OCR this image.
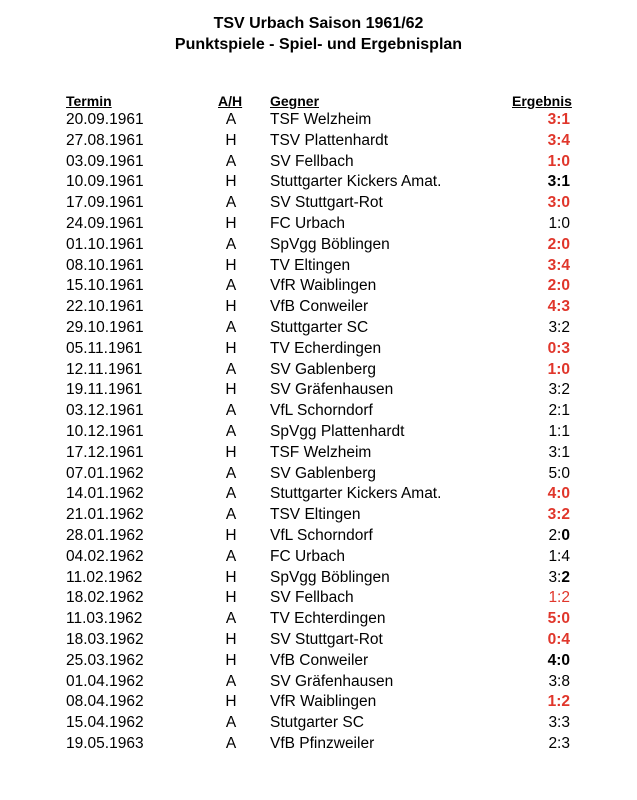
TSV Urbach Saison 1961/62
Punktspiele - Spiel- und Ergebnisplan
Termin	A/H Gegner	Ergebnis
20.09.1961	A	TSF Welzheim	3:1
27.08.1961	H	TSV Plattenhardt	3:4
03.09.1961	A	SV Fellbach	1:0
10.09.1961	H	Stuttgarter Kickers Amat.	3:1
17.09.1961	A	SV Stuttgart-Rot	3:0
24.09.1961	H	FC Urbach	1:0
01.10.1961	A	SpVgg Böblingen	2:0
08.10.1961	H	TV Eltingen	3:4
15.10.1961	A	VfR Waiblingen	2:0
22.10.1961	H	VfB Conweiler	4:3
29.10.1961	A	Stuttgarter SC	3:2
05.11.1961	H	TV Echerdingen	0:3
12.11.1961	A	SV Gablenberg	1:0
19.11.1961	H	SV Gräfenhausen	3:2
03.12.1961	A	VfL Schorndorf	2:1
10.12.1961	A	SpVgg Plattenhardt	1:1
17.12.1961	H	TSF Welzheim	3:1
07.01.1962	A	SV Gablenberg	5:0
14.01.1962	A	Stuttgarter Kickers Amat.	4:0
21.01.1962	A	TSV Eltingen	3:2
28.01.1962	H	VfL Schorndorf	2:0
04.02.1962	A	FC Urbach	1:4
11.02.1962	H	SpVgg Böblingen	3:2
18.02.1962	H	SV Fellbach	1:2
11.03.1962	A	TV Echterdingen	5:0
18.03.1962	H	SV Stuttgart-Rot	0:4
25.03.1962	H	VfB Conweiler	4:0
01.04.1962	A	SV Gräfenhausen	3:8
08.04.1962	H	VfR Waiblingen	1:2
15.04.1962	A	Stutgarter SC	3:3
19.05.1963	A	VfB Pfinzweiler	2:3
